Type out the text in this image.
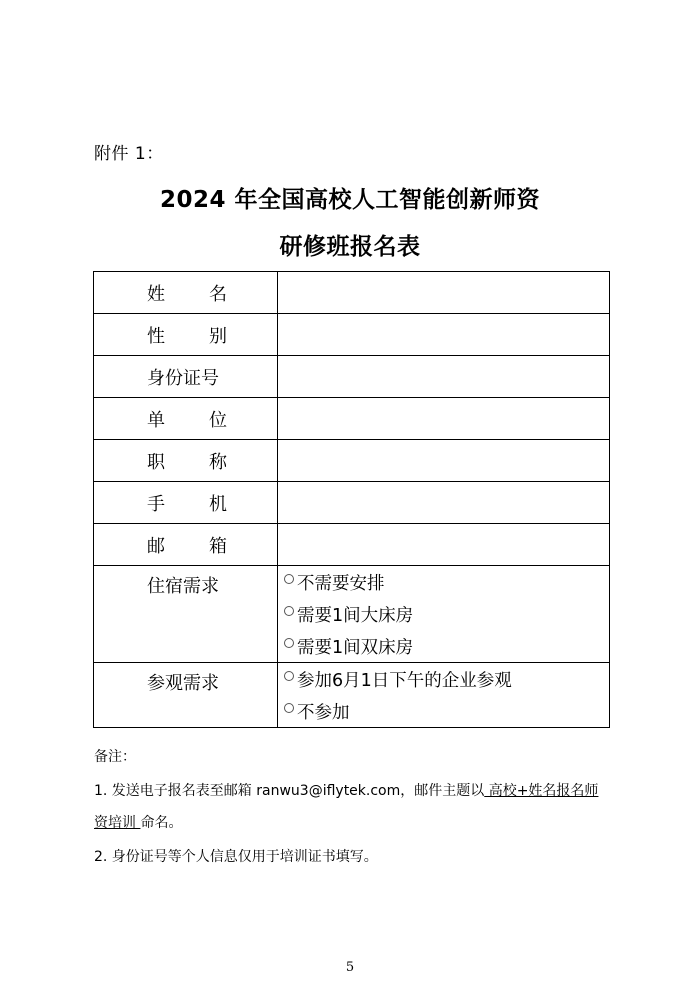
附件 1：
2024 年全国高校人工智能创新师资
研修班报名表
姓 名	

性 别	

身份证号	

单 位	

职 称	

手 机	

邮 箱	

住宿需求	不需要安排
需要1间大床房
需要1间双床房

参观需求	参加6月1日下午的企业参观
不参加
备注：
1. 发送电子报名表至邮箱 ranwu3@iflytek.com，邮件主题以 高校+姓名报名师
资培训 命名。
2. 身份证号等个人信息仅用于培训证书填写。
5
